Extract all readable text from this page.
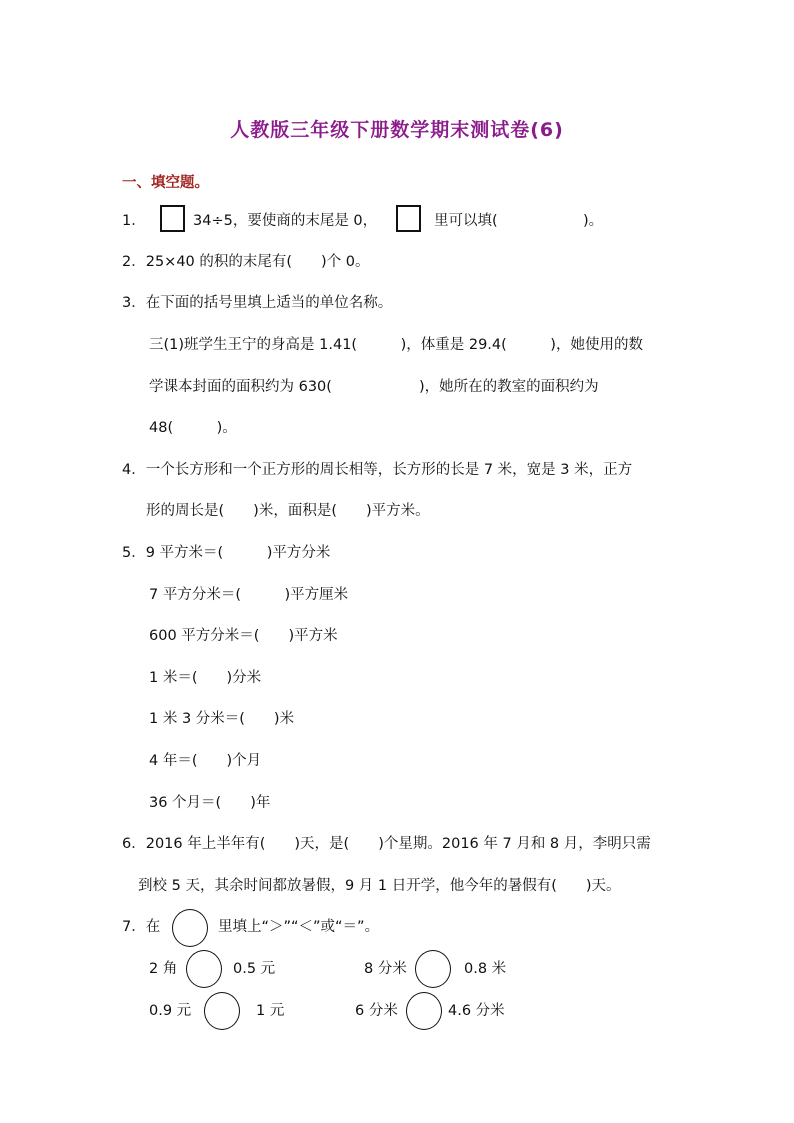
人教版三年级下册数学期末测试卷(6)
一、填空题。
1．	34÷5，要使商的末尾是 0，	里可以填(	)。
2．25×40 的积的末尾有(　　)个 0。
3．在下面的括号里填上适当的单位名称。
三(1)班学生王宁的身高是 1.41(　　　)，体重是 29.4(　　　)，她使用的数
学课本封面的面积约为 630(　　　　　　)，她所在的教室的面积约为
48(　　　)。
4．一个长方形和一个正方形的周长相等，长方形的长是 7 米，宽是 3 米，正方
形的周长是(　　)米，面积是(　　)平方米。
5．9 平方米＝(　　　)平方分米
7 平方分米＝(　　　)平方厘米
600 平方分米＝(　　)平方米
1 米＝(　　)分米
1 米 3 分米＝(　　)米
4 年＝(　　)个月
36 个月＝(　　)年
6．2016 年上半年有(　　)天，是(　　)个星期。2016 年 7 月和 8 月，李明只需
到校 5 天，其余时间都放暑假，9 月 1 日开学，他今年的暑假有(　　)天。
7．在	里填上“＞”“＜”或“＝”。
2 角	0.5 元	8 分米	0.8 米
0.9 元	1 元	6 分米	4.6 分米
